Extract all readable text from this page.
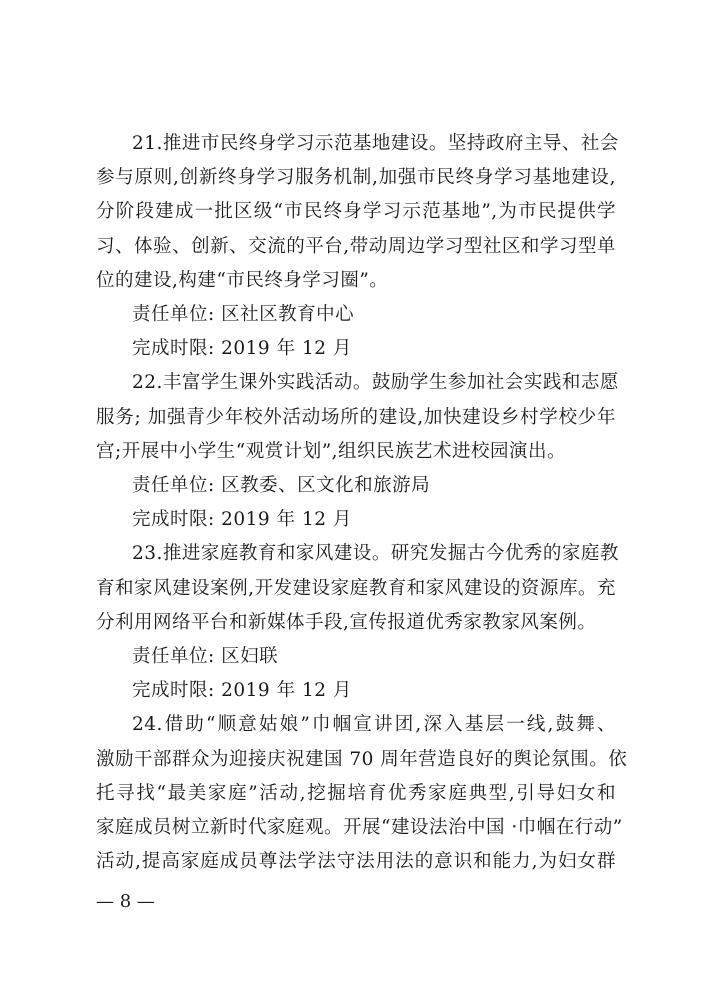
21.推进市民终身学习示范基地建设。坚持政府主导、社会
参与原则,创新终身学习服务机制,加强市民终身学习基地建设,
分阶段建成一批区级“市民终身学习示范基地”,为市民提供学
习、体验、创新、交流的平台,带动周边学习型社区和学习型单
位的建设,构建“市民终身学习圈”。
责任单位: 区社区教育中心
完成时限: 2019 年 12 月
22.丰富学生课外实践活动。鼓励学生参加社会实践和志愿
服务; 加强青少年校外活动场所的建设,加快建设乡村学校少年
宫;开展中小学生“观赏计划”,组织民族艺术进校园演出。
责任单位: 区教委、区文化和旅游局
完成时限: 2019 年 12 月
23.推进家庭教育和家风建设。研究发掘古今优秀的家庭教
育和家风建设案例,开发建设家庭教育和家风建设的资源库。充
分利用网络平台和新媒体手段,宣传报道优秀家教家风案例。
责任单位: 区妇联
完成时限: 2019 年 12 月
24.借助“顺意姑娘”巾帼宣讲团,深入基层一线,鼓舞、
激励干部群众为迎接庆祝建国 70 周年营造良好的舆论氛围。依
托寻找“最美家庭”活动,挖掘培育优秀家庭典型,引导妇女和
家庭成员树立新时代家庭观。开展“建设法治中国 ·巾帼在行动”
活动,提高家庭成员尊法学法守法用法的意识和能力,为妇女群
— 8 —
